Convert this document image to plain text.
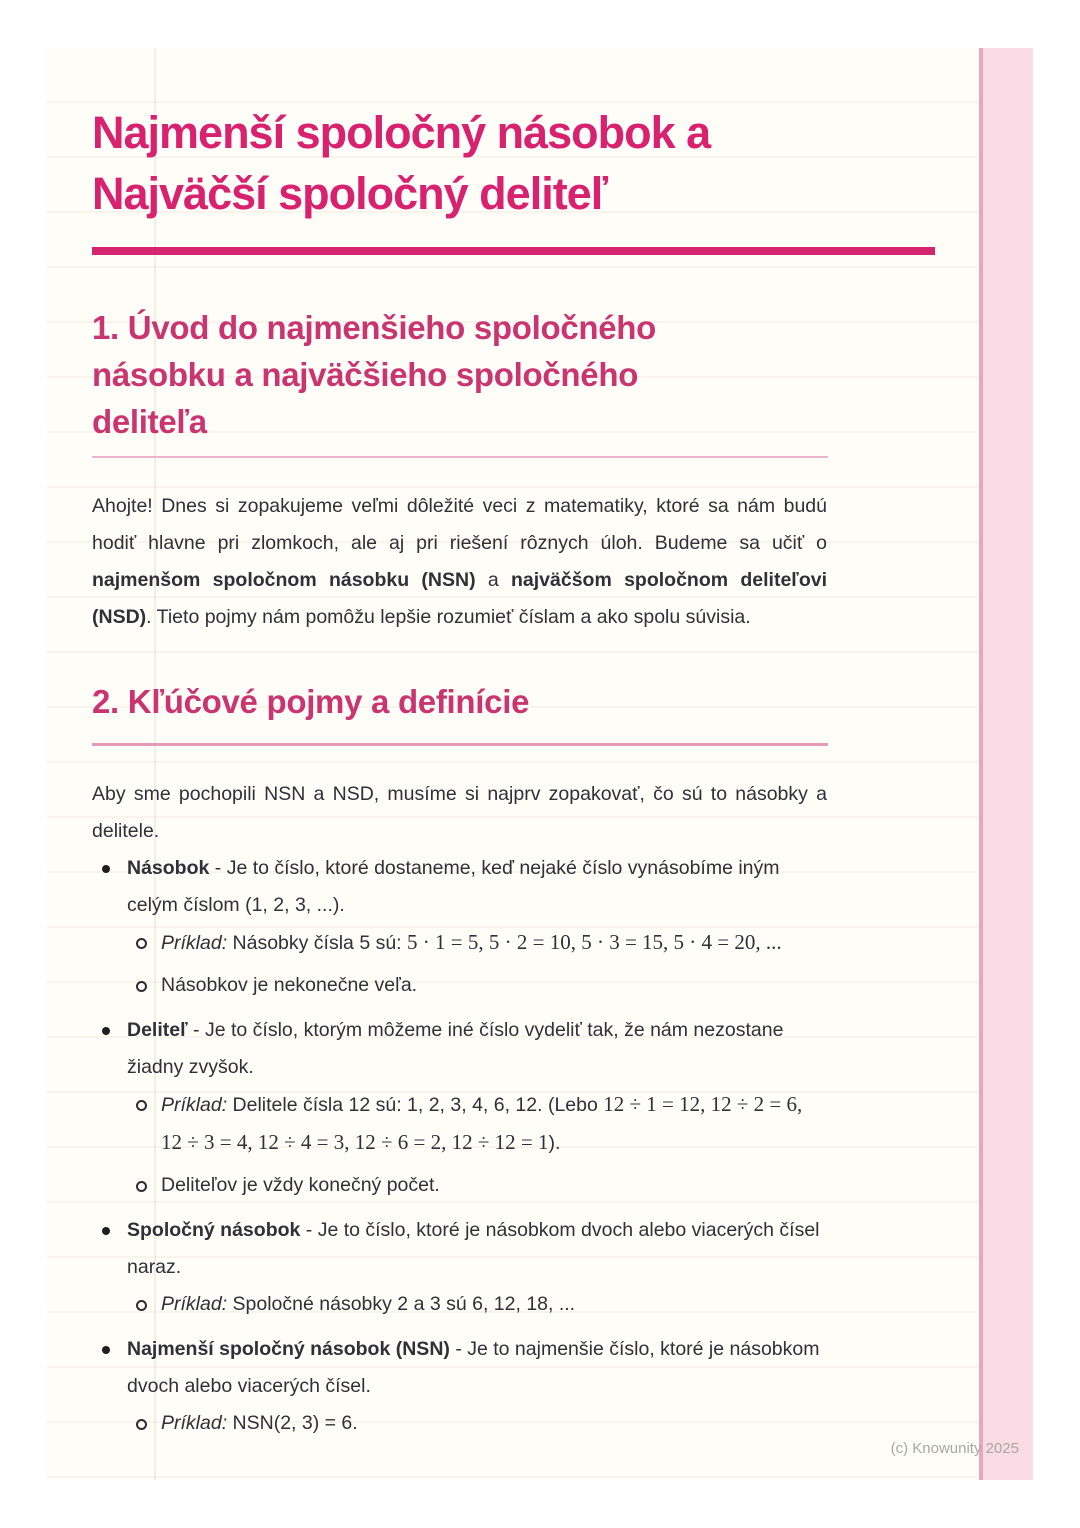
Najmenší spoločný násobok a Najväčší spoločný deliteľ
1. Úvod do najmenšieho spoločného násobku a najväčšieho spoločného deliteľa

Ahojte! Dnes si zopakujeme veľmi dôležité veci z matematiky, ktoré sa nám budú hodiť hlavne pri zlomkoch, ale aj pri riešení rôznych úloh. Budeme sa učiť o najmenšom spoločnom násobku (NSN) a najväčšom spoločnom deliteľovi (NSD). Tieto pojmy nám pomôžu lepšie rozumieť číslam a ako spolu súvisia.

2. Kľúčové pojmy a definície

Aby sme pochopili NSN a NSD, musíme si najprv zopakovať, čo sú to násobky a delitele.

Násobok - Je to číslo, ktoré dostaneme, keď nejaké číslo vynásobíme iným celým číslom (1, 2, 3, ...).

Príklad: Násobky čísla 5 sú: 5 · 1 = 5, 5 · 2 = 10, 5 · 3 = 15, 5 · 4 = 20, ...

Násobkov je nekonečne veľa.

Deliteľ - Je to číslo, ktorým môžeme iné číslo vydeliť tak, že nám nezostane žiadny zvyšok.

Príklad: Delitele čísla 12 sú: 1, 2, 3, 4, 6, 12. (Lebo 12 ÷ 1 = 12, 12 ÷ 2 = 6, 12 ÷ 3 = 4, 12 ÷ 4 = 3, 12 ÷ 6 = 2, 12 ÷ 12 = 1).

Deliteľov je vždy konečný počet.

Spoločný násobok - Je to číslo, ktoré je násobkom dvoch alebo viacerých čísel naraz.

Príklad: Spoločné násobky 2 a 3 sú 6, 12, 18, ...

Najmenší spoločný násobok (NSN) - Je to najmenšie číslo, ktoré je násobkom dvoch alebo viacerých čísel.

Príklad: NSN(2, 3) = 6.

(c) Knowunity 2025
